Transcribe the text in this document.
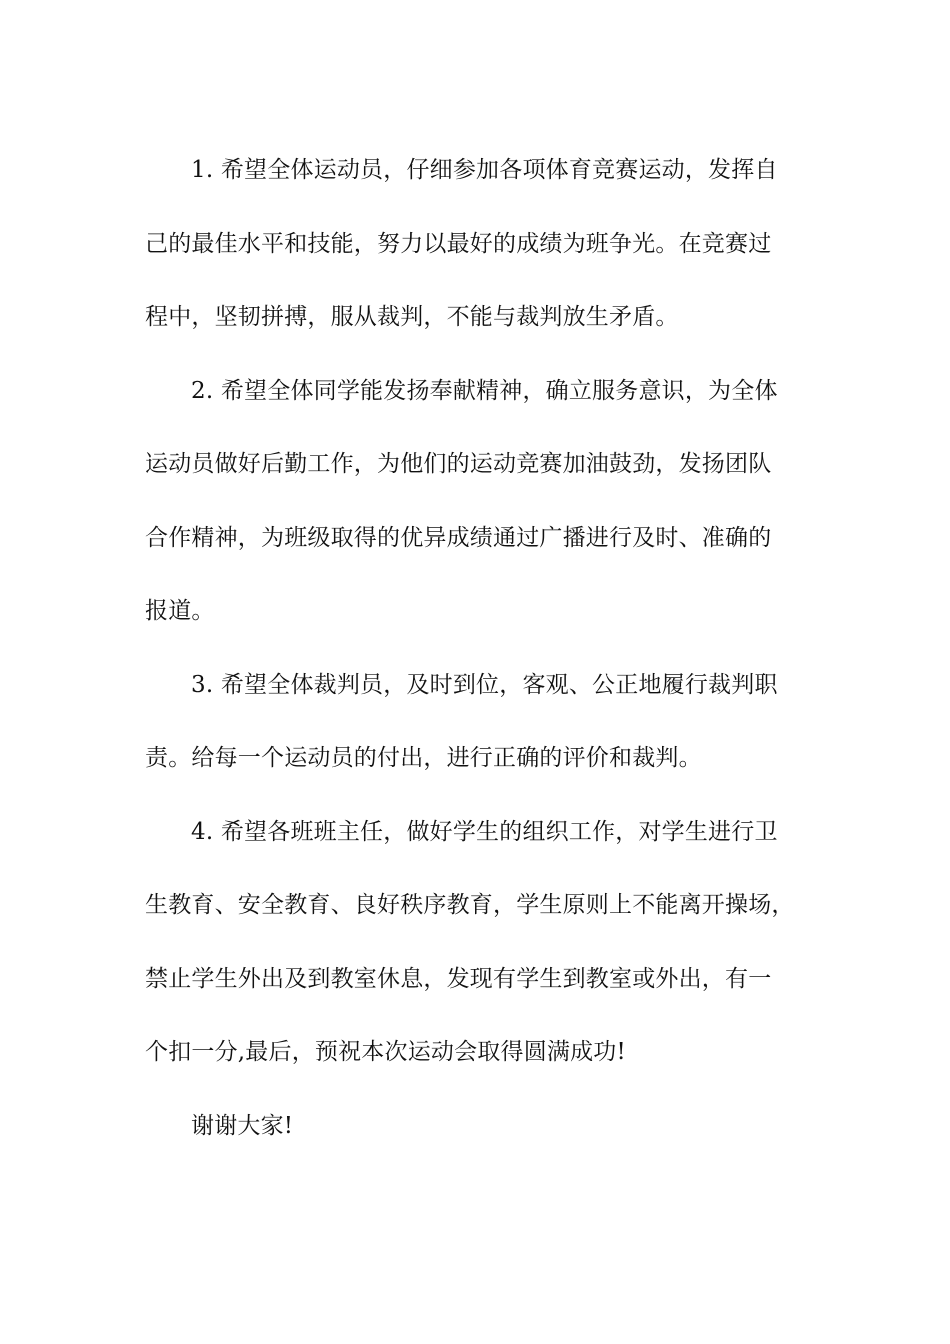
1. 希望全体运动员，仔细参加各项体育竞赛运动，发挥自
己的最佳水平和技能，努力以最好的成绩为班争光。在竞赛过
程中，坚韧拼搏，服从裁判，不能与裁判放生矛盾。
2. 希望全体同学能发扬奉献精神，确立服务意识，为全体
运动员做好后勤工作，为他们的运动竞赛加油鼓劲，发扬团队
合作精神，为班级取得的优异成绩通过广播进行及时、准确的
报道。
3. 希望全体裁判员，及时到位，客观、公正地履行裁判职
责。给每一个运动员的付出，进行正确的评价和裁判。
4. 希望各班班主任，做好学生的组织工作，对学生进行卫
生教育、安全教育、良好秩序教育，学生原则上不能离开操场，
禁止学生外出及到教室休息，发现有学生到教室或外出，有一
个扣一分,最后，预祝本次运动会取得圆满成功!
谢谢大家!
